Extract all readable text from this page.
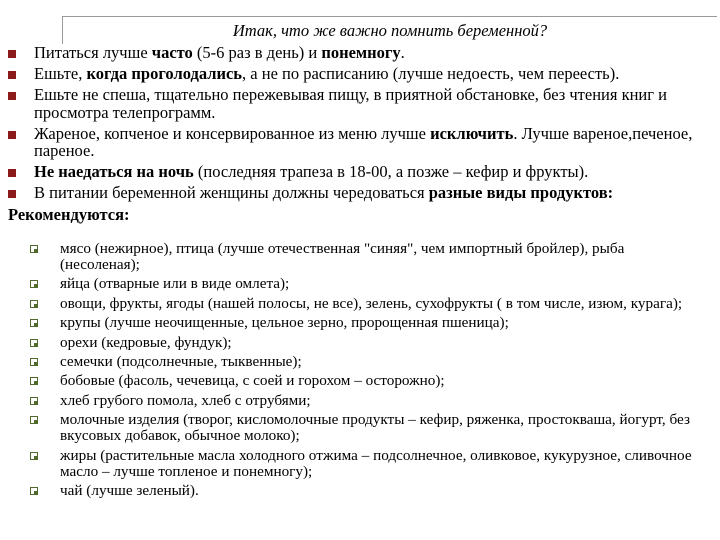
Итак, что же важно помнить беременной?
Питаться лучше часто (5-6 раз в день) и понемногу.
Ешьте, когда проголодались, а не по расписанию (лучше недоесть, чем переесть).
Ешьте не спеша, тщательно пережевывая пищу, в приятной обстановке, без чтения книг и просмотра телепрограмм.
Жареное, копченое и консервированное из меню лучше исключить. Лучше вареное,печеное, пареное.
Не наедаться на ночь (последняя трапеза в 18-00, а позже – кефир и фрукты).
В питании беременной женщины должны чередоваться разные виды продуктов:
Рекомендуются:
мясо (нежирное), птица (лучше отечественная "синяя", чем импортный бройлер), рыба (несоленая);
яйца (отварные или в виде омлета);
овощи, фрукты, ягоды (нашей полосы, не все), зелень, сухофрукты ( в том числе, изюм, курага);
крупы (лучше неочищенные, цельное зерно, пророщенная пшеница);
орехи (кедровые, фундук);
семечки (подсолнечные, тыквенные);
бобовые (фасоль, чечевица, с соей и горохом – осторожно);
хлеб грубого помола, хлеб с отрубями;
молочные изделия (творог, кисломолочные продукты – кефир, ряженка, простокваша, йогурт, без вкусовых добавок, обычное молоко);
жиры (растительные масла холодного отжима – подсолнечное, оливковое, кукурузное, сливочное масло – лучше топленое и понемногу);
чай (лучше зеленый).
